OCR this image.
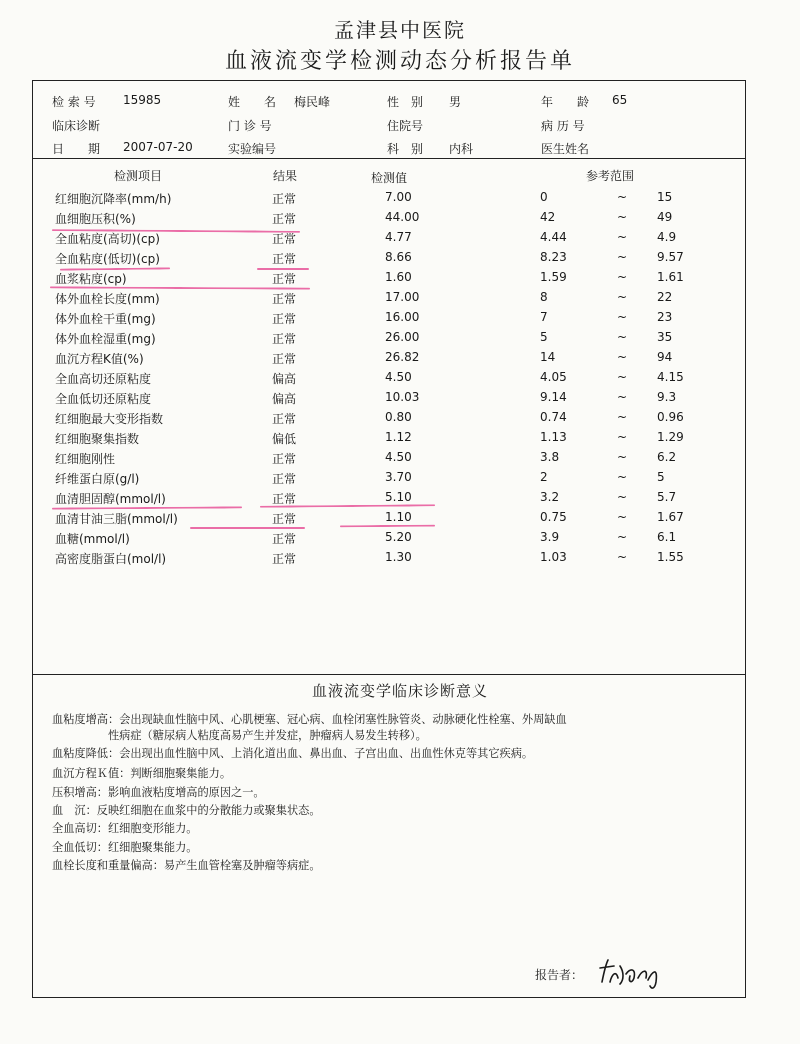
孟津县中医院
血液流变学检测动态分析报告单
检 索 号 15985	姓　　名 梅民峰	性　别 男	年　　龄 65
临床诊断	门 诊 号	住院号	病 历 号
日　　期 2007-07-20	实验编号	科　别 内科	医生姓名
检测项目	结果	检测值	参考范围
红细胞沉降率(mm/h)	正常	7.00	0	~ 15
血细胞压积(%)	正常	44.00	42	~ 49
全血粘度(高切)(cp)	正常	4.77	4.44	~ 4.9
全血粘度(低切)(cp)	正常	8.66	8.23	~ 9.57
血浆粘度(cp)	正常	1.60	1.59	~ 1.61
体外血栓长度(mm)	正常	17.00	8	~ 22
体外血栓干重(mg)	正常	16.00	7	~ 23
体外血栓湿重(mg)	正常	26.00	5	~ 35
血沉方程K值(%)	正常	26.82	14	~ 94
全血高切还原粘度	偏高	4.50	4.05	~ 4.15
全血低切还原粘度	偏高	10.03	9.14	~ 9.3
红细胞最大变形指数	正常	0.80	0.74	~ 0.96
红细胞聚集指数	偏低	1.12	1.13	~ 1.29
红细胞刚性	正常	4.50	3.8	~ 6.2
纤维蛋白原(g/l)	正常	3.70	2	~ 5
血清胆固醇(mmol/l)	正常	5.10	3.2	~ 5.7
血清甘油三脂(mmol/l)	正常	1.10	0.75	~ 1.67
血糖(mmol/l)	正常	5.20	3.9	~ 6.1
高密度脂蛋白(mol/l)	正常	1.30	1.03	~ 1.55
血液流变学临床诊断意义
血粘度增高：会出现缺血性脑中风、心肌梗塞、冠心病、血栓闭塞性脉管炎、动脉硬化性栓塞、外周缺血
　　　　　性病症（糖尿病人粘度高易产生并发症，肿瘤病人易发生转移）。
血粘度降低：会出现出血性脑中风、上消化道出血、鼻出血、子宫出血、出血性休克等其它疾病。
血沉方程Ｋ值：判断细胞聚集能力。
压积增高：影响血液粘度增高的原因之一。
血　沉：反映红细胞在血浆中的分散能力或聚集状态。
全血高切：红细胞变形能力。
全血低切：红细胞聚集能力。
血栓长度和重量偏高：易产生血管栓塞及肿瘤等病症。
报告者：
